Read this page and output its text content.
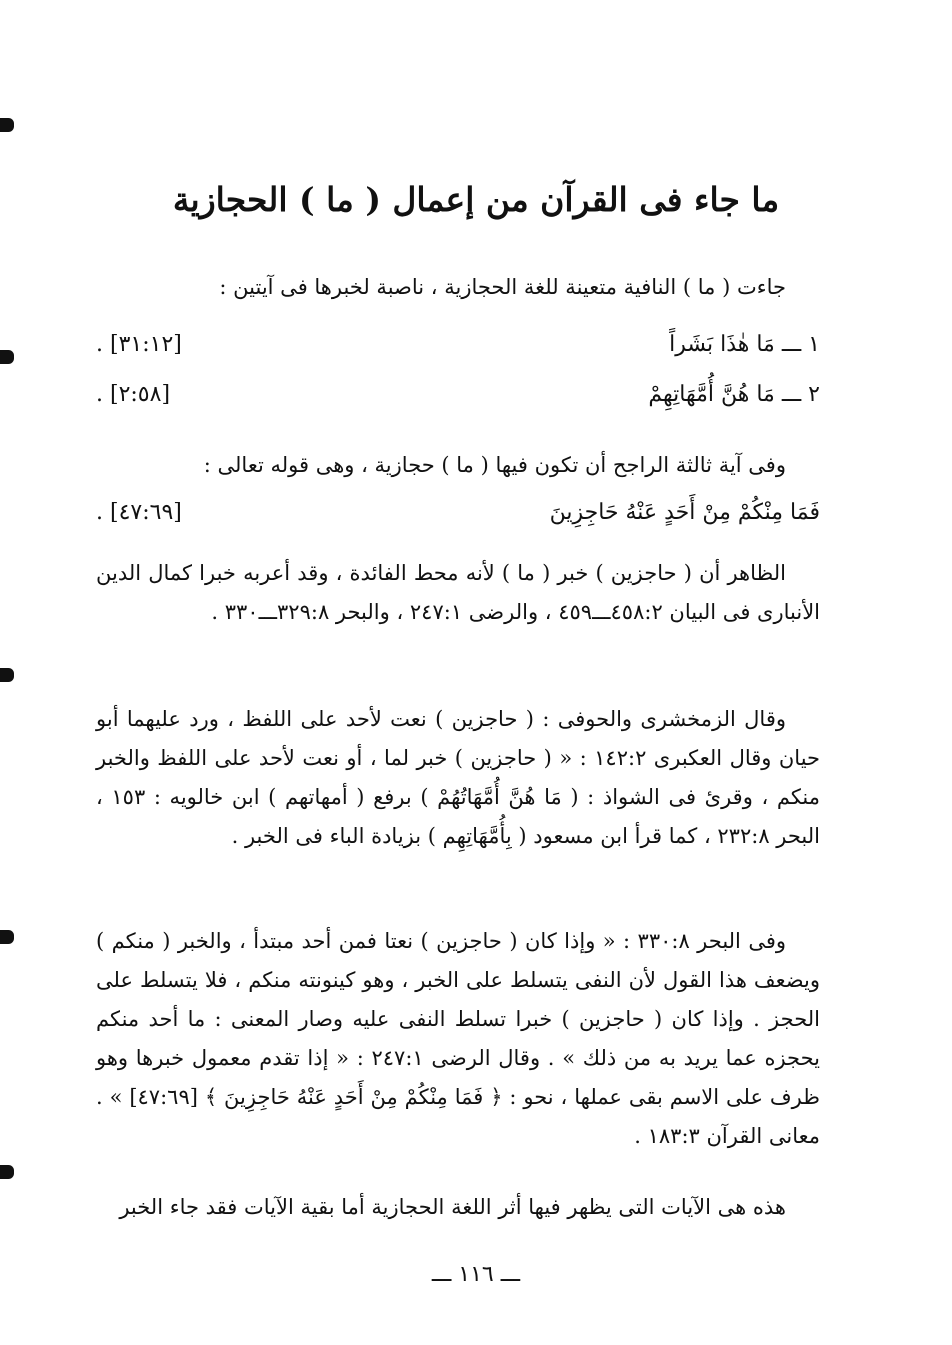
ما جاء فى القرآن من إعمال ( ما ) الحجازية
جاءت ( ما ) النافية متعينة للغة الحجازية ، ناصبة لخبرها فى آيتين :
١ ـــ مَا هٰذَا بَشَراً
[٣١:١٢] .
٢ ـــ مَا هُنَّ أُمَّهَاتِهِمْ
[٢:٥٨] .
وفى آية ثالثة الراجح أن تكون فيها ( ما ) حجازية ، وهى قوله تعالى :
فَمَا مِنْكُمْ مِنْ أَحَدٍ عَنْهُ حَاجِزِينَ
[٤٧:٦٩] .
الظاهر أن ( حاجزين ) خبر ( ما ) لأنه محط الفائدة ، وقد أعربه خبرا كمال الدين الأنبارى فى البيان ٤٥٨:٢ـــ٤٥٩ ، والرضى ٢٤٧:١ ، والبحر ٣٢٩:٨ـــ٣٣٠ .
وقال الزمخشرى والحوفى : ( حاجزين ) نعت لأحد على اللفظ ، ورد عليهما أبو حيان وقال العكبرى ١٤٢:٢ : « ( حاجزين ) خبر لما ، أو نعت لأحد على اللفظ والخبر منكم ، وقرئ فى الشواذ : ( مَا هُنَّ أُمَّهَاتُهُمْ ) برفع ( أمهاتهم ) ابن خالويه : ١٥٣ ، البحر ٢٣٢:٨ ، كما قرأ ابن مسعود ( بِأُمَّهَاتِهِم ) بزيادة الباء فى الخبر .
وفى البحر ٣٣٠:٨ : « وإذا كان ( حاجزين ) نعتا فمن أحد مبتدأ ، والخبر ( منكم ) ويضعف هذا القول لأن النفى يتسلط على الخبر ، وهو كينونته منكم ، فلا يتسلط على الحجز . وإذا كان ( حاجزين ) خبرا تسلط النفى عليه وصار المعنى : ما أحد منكم يحجزه عما يريد به من ذلك » . وقال الرضى ٢٤٧:١ : « إذا تقدم معمول خبرها وهو ظرف على الاسم بقى عملها ، نحو : ﴿ فَمَا مِنْكُمْ مِنْ أَحَدٍ عَنْهُ حَاجِزِينَ ﴾ [٤٧:٦٩] » . معانى القرآن ١٨٣:٣ .
هذه هى الآيات التى يظهر فيها أثر اللغة الحجازية أما بقية الآيات فقد جاء الخبر
ـــ ١١٦ ـــ
